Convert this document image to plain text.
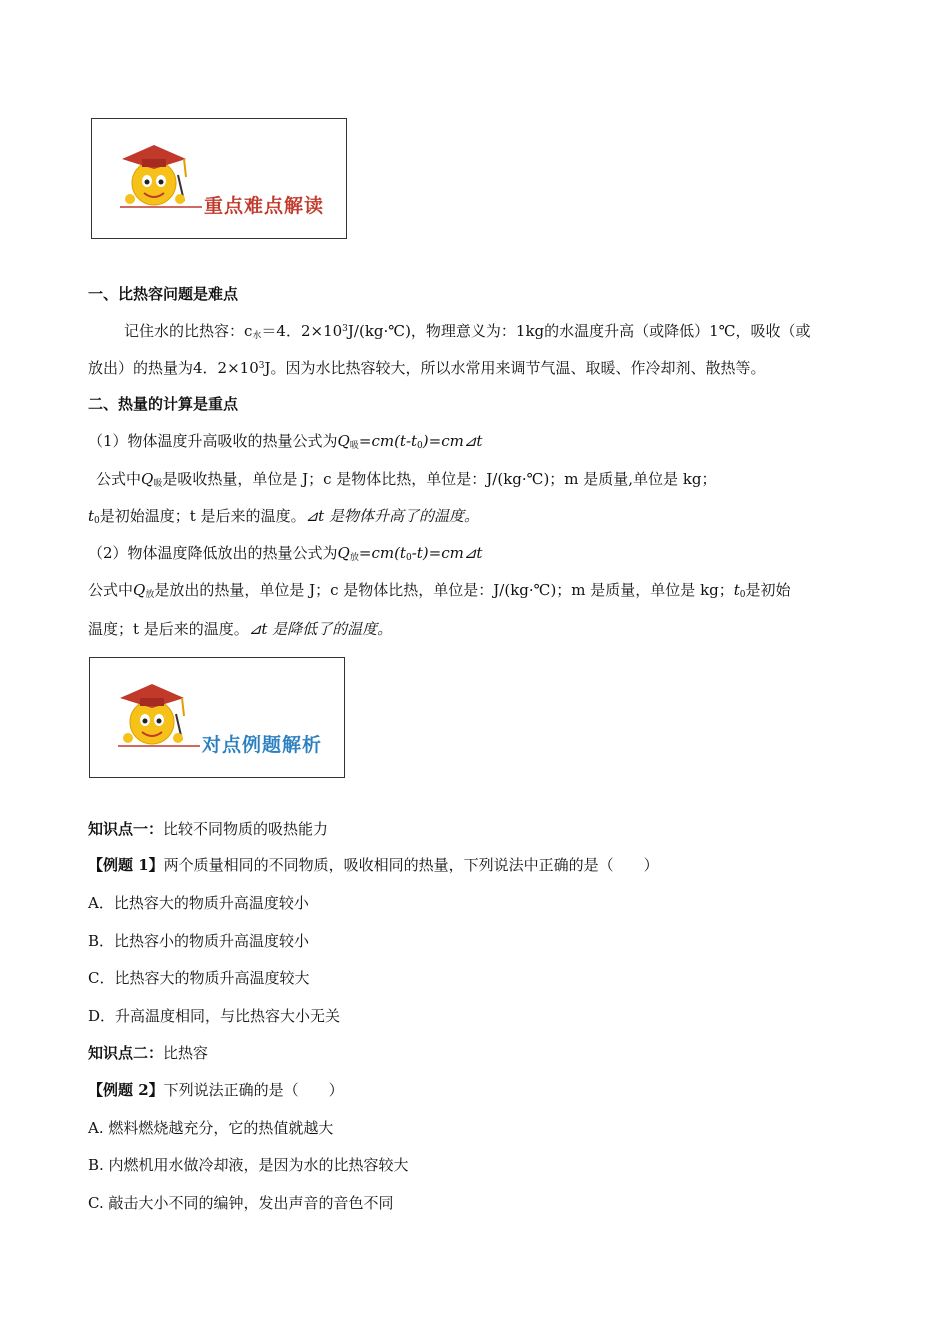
重点难点解读
一、比热容问题是难点
记住水的比热容：$c_水=4$．$2\times 10^3J/(kg\cdot℃)$，物理意义为：1kg的水温度升高（或降低）1℃，吸收（或
放出）的热量为4．$2\times 10^3J$。因为水比热容较大，所以水常用来调节气温、取暖、作冷却剂、散热等。
二、热量的计算是重点
（1）物体温度升高吸收的热量公式为$Q_吸=cm(t-t_0)=cm⊿t$
公式中$Q_吸$是吸收热量，单位是 J；c 是物体比热，单位是：J/(kg·℃)；m 是质量,单位是 kg；
$t_0$是初始温度；t 是后来的温度。⊿t 是物体升高了的温度。
（2）物体温度降低放出的热量公式为$Q_放=cm(t_0-t)=cm⊿t$
公式中$Q_放$是放出的热量，单位是 J；c 是物体比热，单位是：J/(kg·℃)；m 是质量，单位是 kg；$t_0$是初始
温度；t 是后来的温度。⊿t 是降低了的温度。
对点例题解析
知识点一：比较不同物质的吸热能力
【例题 1】两个质量相同的不同物质，吸收相同的热量，下列说法中正确的是（　　）
A．比热容大的物质升高温度较小
B．比热容小的物质升高温度较小
C．比热容大的物质升高温度较大
D．升高温度相同，与比热容大小无关
知识点二：比热容
【例题 2】下列说法正确的是（　　）
A. 燃料燃烧越充分，它的热值就越大
B. 内燃机用水做冷却液，是因为水的比热容较大
C. 敲击大小不同的编钟，发出声音的音色不同
